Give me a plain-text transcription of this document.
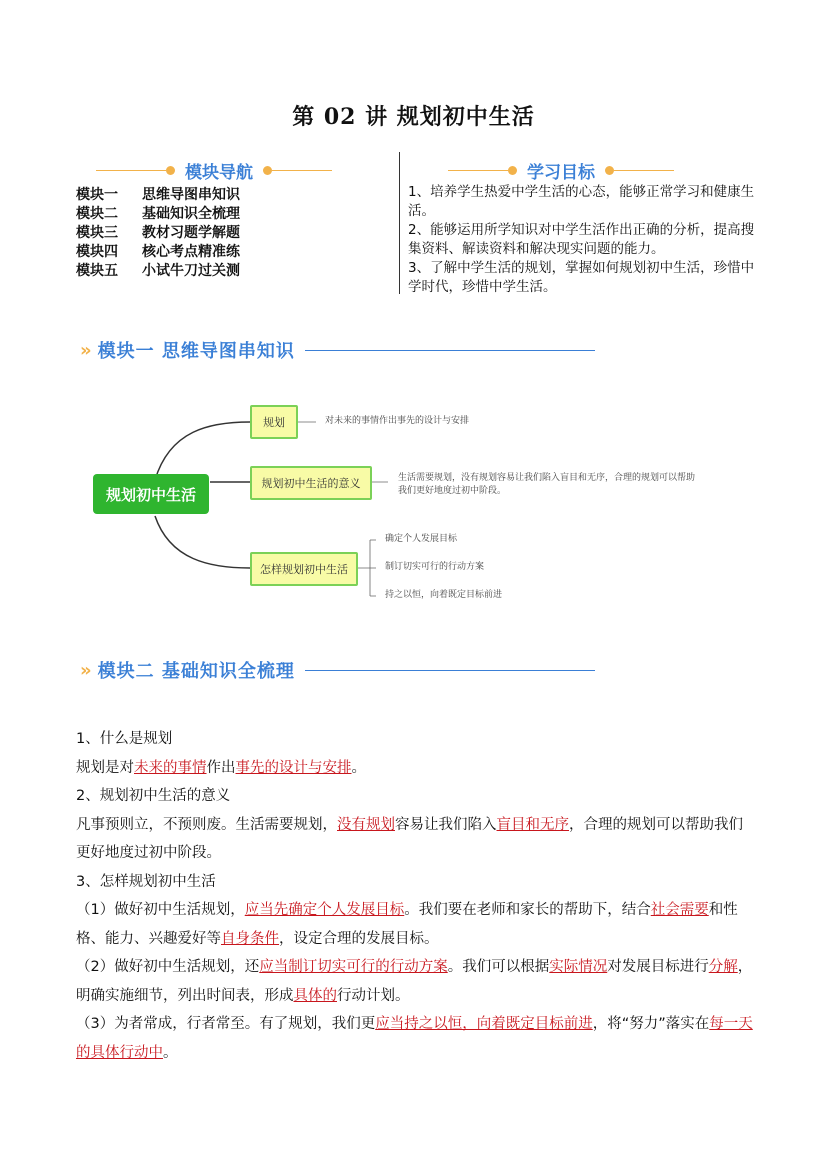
第 02 讲 规划初中生活
模块导航
模块一 思维导图串知识
模块二 基础知识全梳理
模块三 教材习题学解题
模块四 核心考点精准练
模块五 小试牛刀过关测
学习目标
1、培养学生热爱中学生活的心态，能够正常学习和健康生活。
2、能够运用所学知识对中学生活作出正确的分析，提高搜集资料、解读资料和解决现实问题的能力。
3、了解中学生活的规划，掌握如何规划初中生活，珍惜中学时代，珍惜中学生活。
» 模块一 思维导图串知识
规划初中生活
规划
规划初中生活的意义
怎样规划初中生活
对未来的事情作出事先的设计与安排
生活需要规划，没有规划容易让我们陷入盲目和无序，合理的规划可以帮助我们更好地度过初中阶段。
确定个人发展目标
制订切实可行的行动方案
持之以恒，向着既定目标前进
» 模块二 基础知识全梳理
1、什么是规划
规划是对未来的事情作出事先的设计与安排。
2、规划初中生活的意义
凡事预则立，不预则废。生活需要规划，没有规划容易让我们陷入盲目和无序，合理的规划可以帮助我们更好地度过初中阶段。
3、怎样规划初中生活
（1）做好初中生活规划，应当先确定个人发展目标。我们要在老师和家长的帮助下，结合社会需要和性格、能力、兴趣爱好等自身条件，设定合理的发展目标。
（2）做好初中生活规划，还应当制订切实可行的行动方案。我们可以根据实际情况对发展目标进行分解，明确实施细节，列出时间表，形成具体的行动计划。
（3）为者常成，行者常至。有了规划，我们更应当持之以恒，向着既定目标前进，将“努力”落实在每一天的具体行动中。
